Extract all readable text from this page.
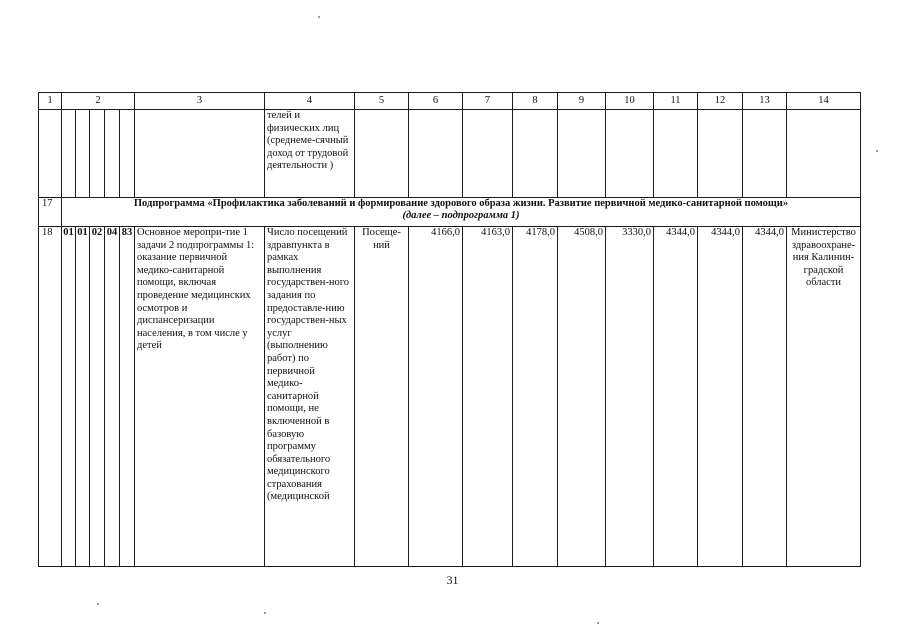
1	2					3	4	5	6	7	8	9	10	11	12	13	14
							телей и физических лиц (среднеме-сячный доход от трудовой деятельности )										
17	Подпрограмма «Профилактика заболеваний и формирование здорового образа жизни. Развитие первичной медико-санитарной помощи»
(далее – подпрограмма 1)																

18	01	01	02	04	83	Основное меропри-тие 1 задачи 2 подпрограммы 1: оказание первичной медико-санитарной помощи, включая проведение медицинских осмотров и диспансеризации населения, в том числе у детей	Число посещений здравпункта в рамках выполнения государствен-ного задания по предоставле-нию государствен-ных услуг (выполнению работ) по первичной медико-санитарной помощи, не включенной в базовую программу обязательного медицинского страхования (медицинской	Посеще-ний	4166,0	4163,0	4178,0	4508,0	3330,0	4344,0	4344,0	4344,0	Министерство здравоохране-ния Калинин-градской области
31
